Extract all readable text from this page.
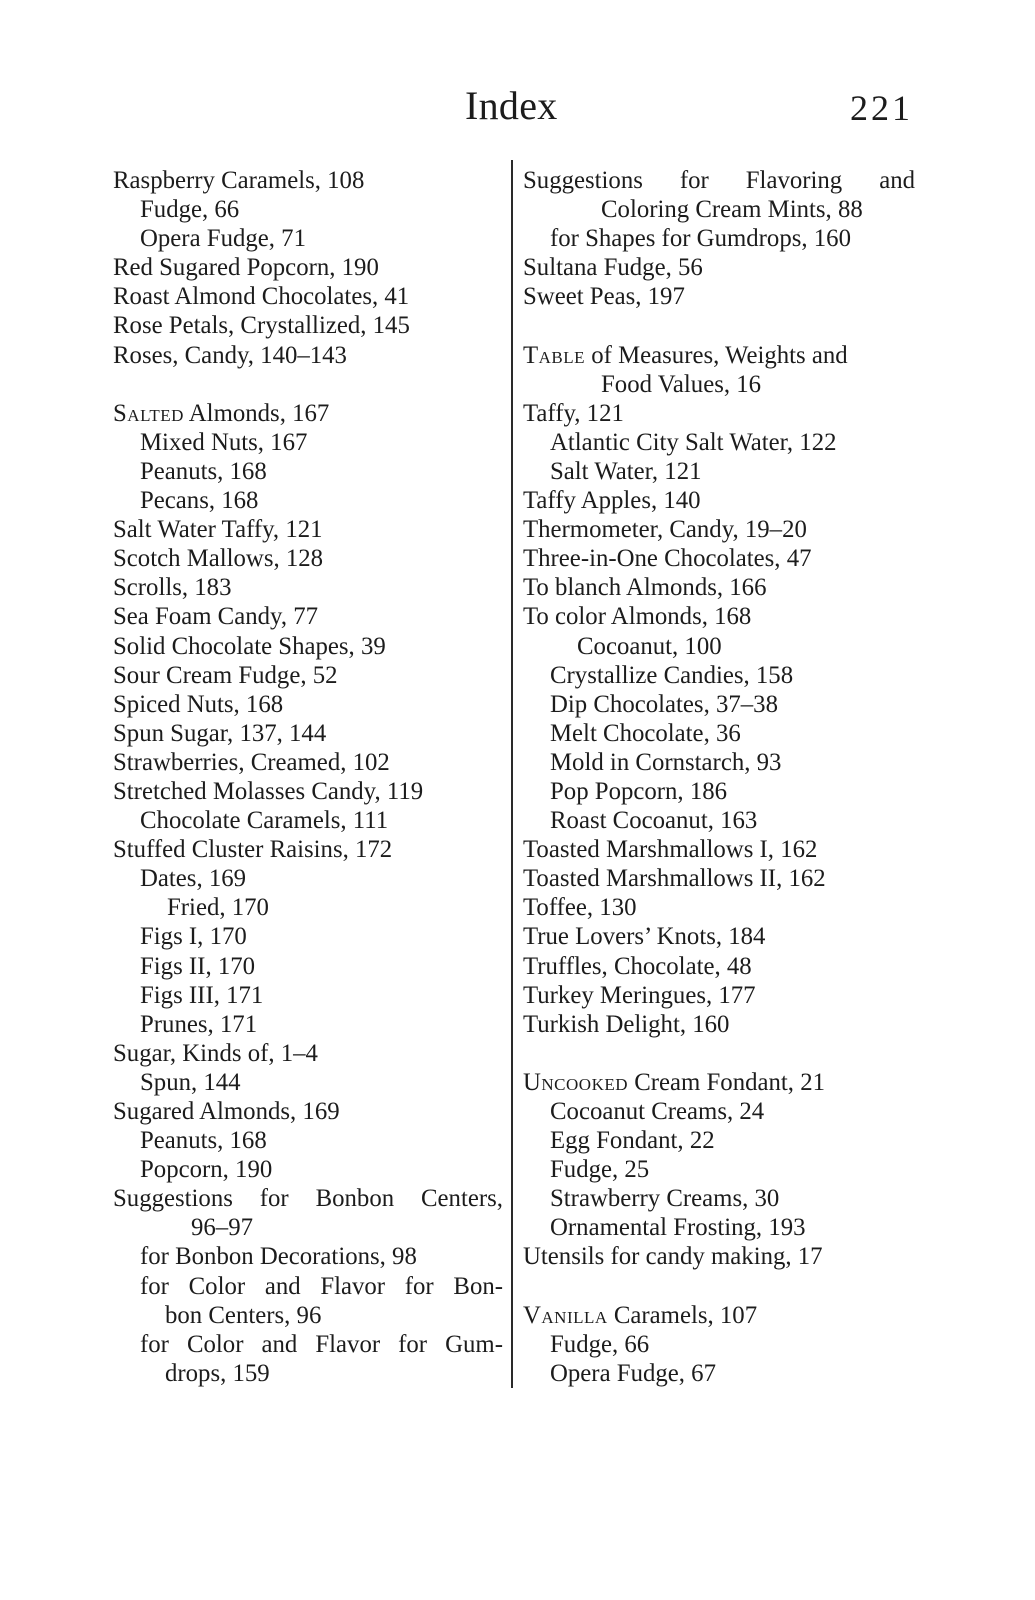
Index	221
Raspberry Caramels, 108
Fudge, 66
Opera Fudge, 71
Red Sugared Popcorn, 190
Roast Almond Chocolates, 41
Rose Petals, Crystallized, 145
Roses, Candy, 140–143
Salted Almonds, 167
Mixed Nuts, 167
Peanuts, 168
Pecans, 168
Salt Water Taffy, 121
Scotch Mallows, 128
Scrolls, 183
Sea Foam Candy, 77
Solid Chocolate Shapes, 39
Sour Cream Fudge, 52
Spiced Nuts, 168
Spun Sugar, 137, 144
Strawberries, Creamed, 102
Stretched Molasses Candy, 119
Chocolate Caramels, 111
Stuffed Cluster Raisins, 172
Dates, 169
Fried, 170
Figs I, 170
Figs II, 170
Figs III, 171
Prunes, 171
Sugar, Kinds of, 1–4
Spun, 144
Sugared Almonds, 169
Peanuts, 168
Popcorn, 190
Suggestions for Bonbon Centers,
96–97
for Bonbon Decorations, 98
for Color and Flavor for Bon-
bon Centers, 96
for Color and Flavor for Gum-
drops, 159
Suggestions for Flavoring and
Coloring Cream Mints, 88
for Shapes for Gumdrops, 160
Sultana Fudge, 56
Sweet Peas, 197
Table of Measures, Weights and
Food Values, 16
Taffy, 121
Atlantic City Salt Water, 122
Salt Water, 121
Taffy Apples, 140
Thermometer, Candy, 19–20
Three-in-One Chocolates, 47
To blanch Almonds, 166
To color Almonds, 168
Cocoanut, 100
Crystallize Candies, 158
Dip Chocolates, 37–38
Melt Chocolate, 36
Mold in Cornstarch, 93
Pop Popcorn, 186
Roast Cocoanut, 163
Toasted Marshmallows I, 162
Toasted Marshmallows II, 162
Toffee, 130
True Lovers’ Knots, 184
Truffles, Chocolate, 48
Turkey Meringues, 177
Turkish Delight, 160
Uncooked Cream Fondant, 21
Cocoanut Creams, 24
Egg Fondant, 22
Fudge, 25
Strawberry Creams, 30
Ornamental Frosting, 193
Utensils for candy making, 17
Vanilla Caramels, 107
Fudge, 66
Opera Fudge, 67
